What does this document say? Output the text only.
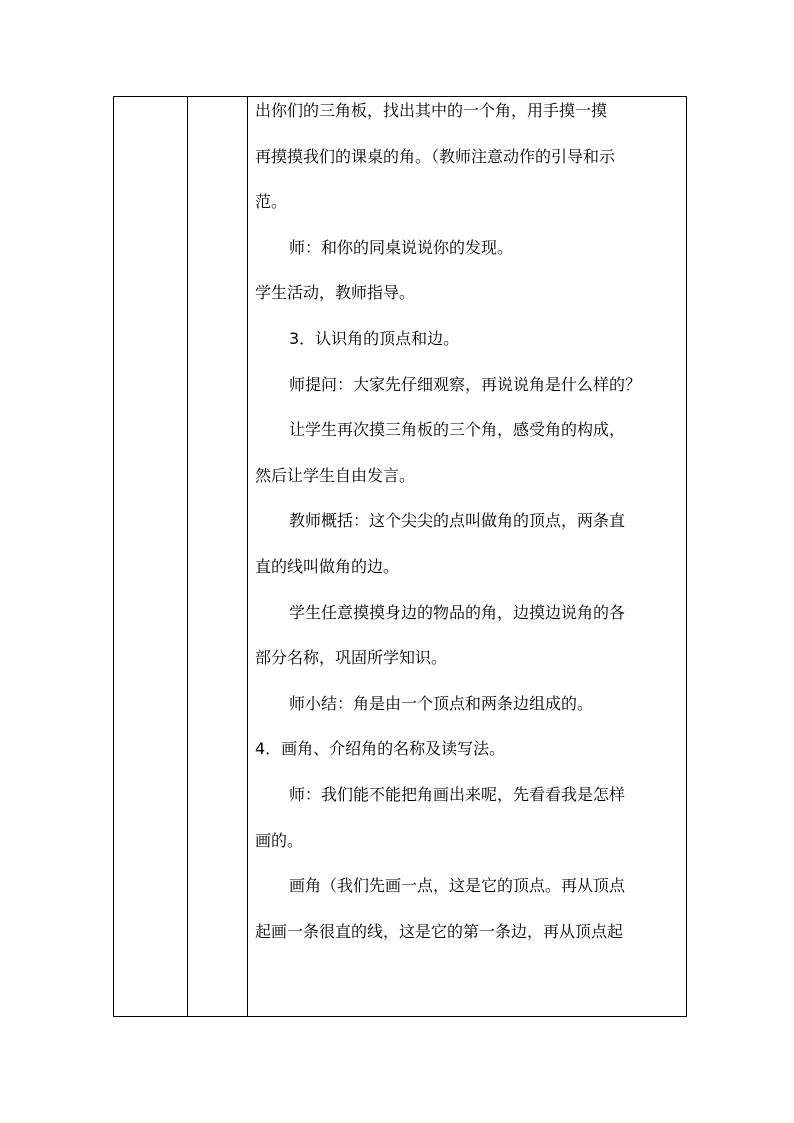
出你们的三角板，找出其中的一个角，用手摸一摸
再摸摸我们的课桌的角。（教师注意动作的引导和示
范。
师：和你的同桌说说你的发现。
学生活动，教师指导。
3．认识角的顶点和边。
师提问：大家先仔细观察，再说说角是什么样的？
让学生再次摸三角板的三个角，感受角的构成，
然后让学生自由发言。
教师概括：这个尖尖的点叫做角的顶点，两条直
直的线叫做角的边。
学生任意摸摸身边的物品的角，边摸边说角的各
部分名称，巩固所学知识。
师小结：角是由一个顶点和两条边组成的。
4．画角、介绍角的名称及读写法。
师：我们能不能把角画出来呢，先看看我是怎样
画的。
画角（我们先画一点，这是它的顶点。再从顶点
起画一条很直的线，这是它的第一条边，再从顶点起
